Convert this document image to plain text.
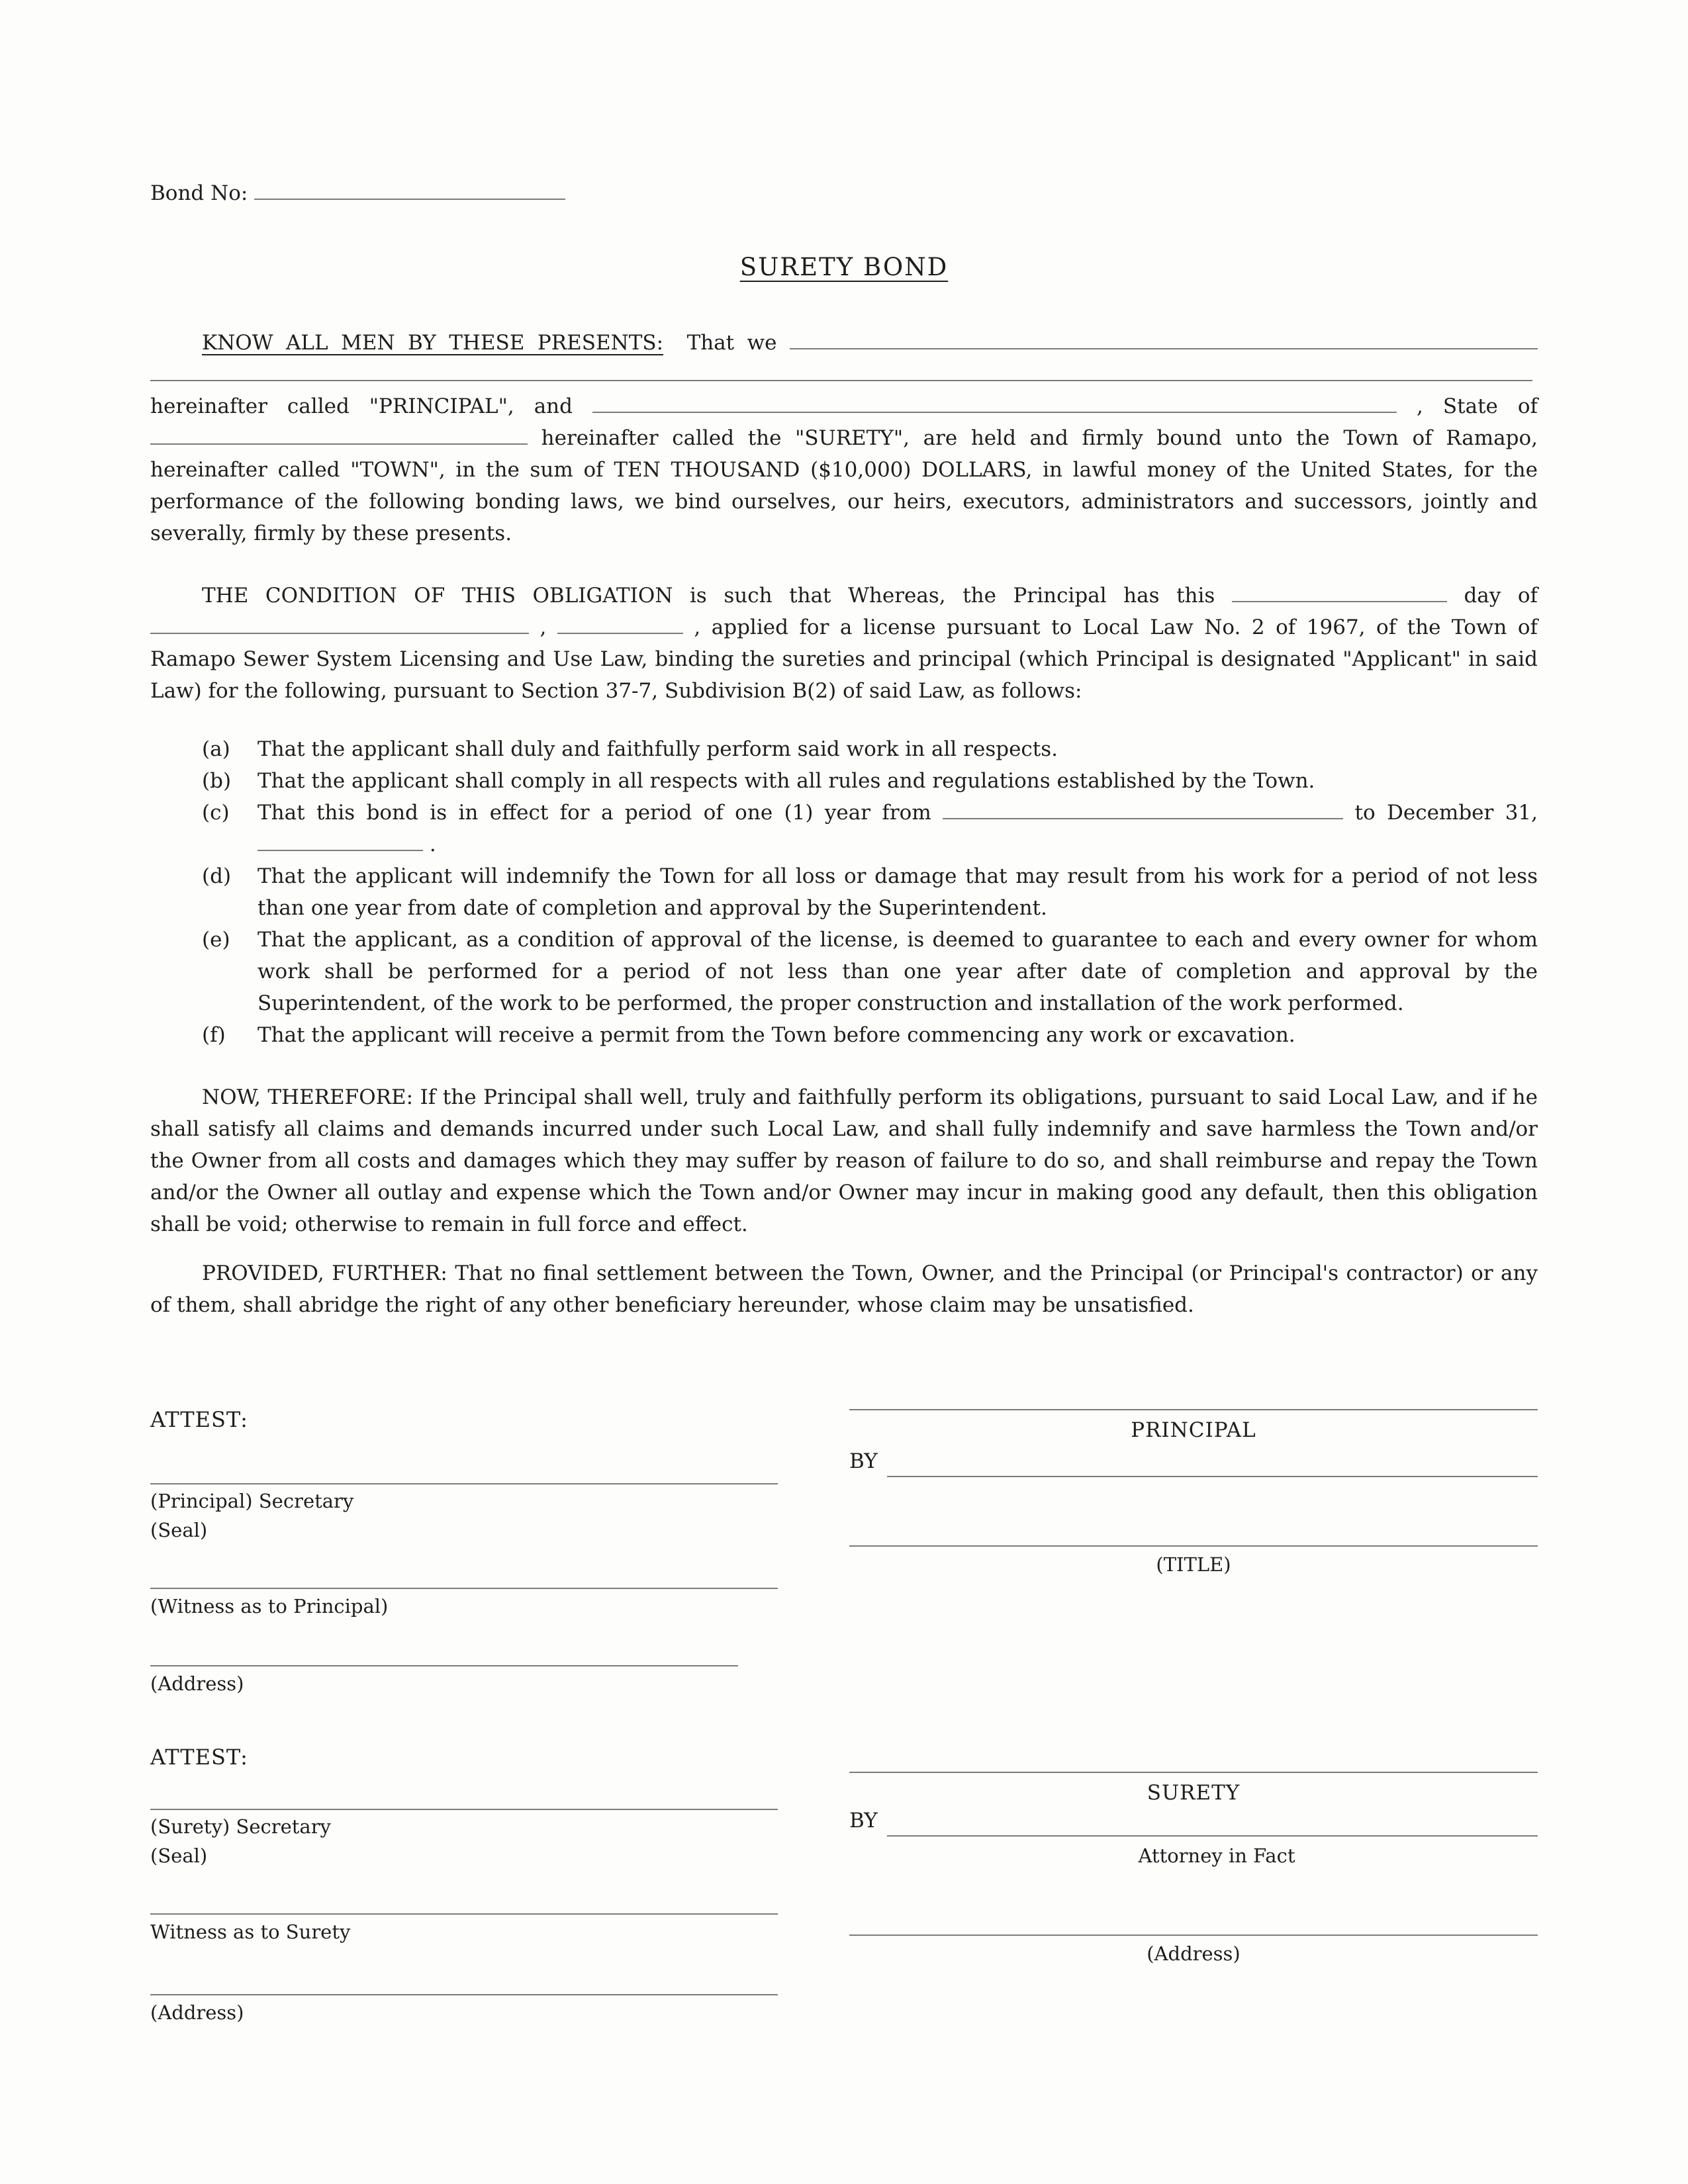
Bond No:
SURETY BOND

KNOW ALL MEN BY THESE PRESENTS: That we   hereinafter called "PRINCIPAL", and	, State of  hereinafter called the "SURETY", are held and firmly bound unto the Town of Ramapo, hereinafter called "TOWN", in the sum of TEN THOUSAND ($10,000) DOLLARS, in lawful money of the United States, for the performance of the following bonding laws, we bind ourselves, our heirs, executors, administrators and successors, jointly and severally, firmly by these presents.

THE CONDITION OF THIS OBLIGATION is such that Whereas, the Principal has this	day of  ,	, applied for a license pursuant to Local Law No. 2 of 1967, of the Town of Ramapo Sewer System Licensing and Use Law, binding the sureties and principal (which Principal is designated "Applicant" in said Law) for the following, pursuant to Section 37-7, Subdivision B(2) of said Law, as follows:

(a)	That the applicant shall duly and faithfully perform said work in all respects.
(b)	That the applicant shall comply in all respects with all rules and regulations established by the Town.
(c)	That this bond is in effect for a period of one (1) year from	to December 31,  .
(d)	That the applicant will indemnify the Town for all loss or damage that may result from his work for a period of not less than one year from date of completion and approval by the Superintendent.
(e)	That the applicant, as a condition of approval of the license, is deemed to guarantee to each and every owner for whom work shall be performed for a period of not less than one year after date of completion and approval by the Superintendent, of the work to be performed, the proper construction and installation of the work performed.
(f)	That the applicant will receive a permit from the Town before commencing any work or excavation.

NOW, THEREFORE: If the Principal shall well, truly and faithfully perform its obligations, pursuant to said Local Law, and if he shall satisfy all claims and demands incurred under such Local Law, and shall fully indemnify and save harmless the Town and/or the Owner from all costs and damages which they may suffer by reason of failure to do so, and shall reimburse and repay the Town and/or the Owner all outlay and expense which the Town and/or Owner may incur in making good any default, then this obligation shall be void; otherwise to remain in full force and effect.

PROVIDED, FURTHER: That no final settlement between the Town, Owner, and the Principal (or Principal's contractor) or any of them, shall abridge the right of any other beneficiary hereunder, whose claim may be unsatisfied.

ATTEST:
(Principal) Secretary
(Seal)
(Witness as to Principal)
(Address)
ATTEST:
(Surety) Secretary
(Seal)
Witness as to Surety
(Address)
PRINCIPAL
BY
(TITLE)
SURETY
BY
Attorney in Fact
(Address)
